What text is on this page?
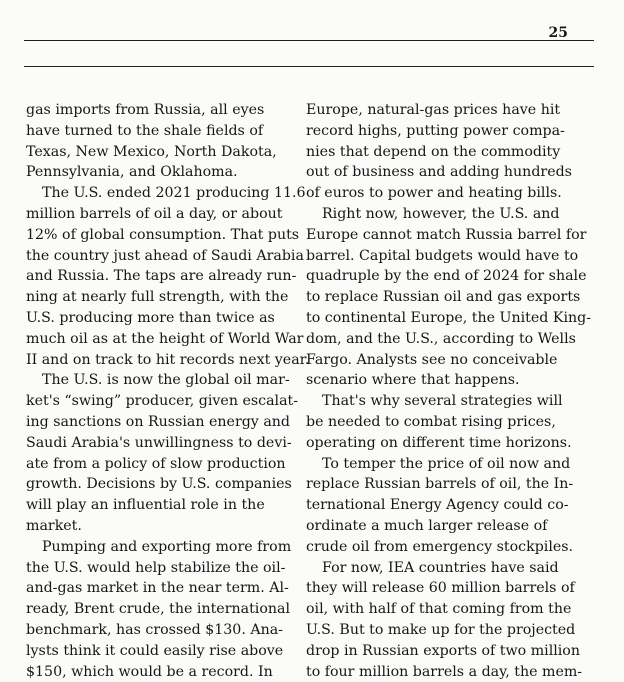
25
gas imports from Russia, all eyes
have turned to the shale fields of
Texas, New Mexico, North Dakota,
Pennsylvania, and Oklahoma.
The U.S. ended 2021 producing 11.6
million barrels of oil a day, or about
12% of global consumption. That puts
the country just ahead of Saudi Arabia
and Russia. The taps are already run-
ning at nearly full strength, with the
U.S. producing more than twice as
much oil as at the height of World War
II and on track to hit records next year.
The U.S. is now the global oil mar-
ket's “swing” producer, given escalat-
ing sanctions on Russian energy and
Saudi Arabia's unwillingness to devi-
ate from a policy of slow production
growth. Decisions by U.S. companies
will play an influential role in the
market.
Pumping and exporting more from
the U.S. would help stabilize the oil-
and-gas market in the near term. Al-
ready, Brent crude, the international
benchmark, has crossed $130. Ana-
lysts think it could easily rise above
$150, which would be a record. In
Europe, natural-gas prices have hit
record highs, putting power compa-
nies that depend on the commodity
out of business and adding hundreds
of euros to power and heating bills.
Right now, however, the U.S. and
Europe cannot match Russia barrel for
barrel. Capital budgets would have to
quadruple by the end of 2024 for shale
to replace Russian oil and gas exports
to continental Europe, the United King-
dom, and the U.S., according to Wells
Fargo. Analysts see no conceivable
scenario where that happens.
That's why several strategies will
be needed to combat rising prices,
operating on different time horizons.
To temper the price of oil now and
replace Russian barrels of oil, the In-
ternational Energy Agency could co-
ordinate a much larger release of
crude oil from emergency stockpiles.
For now, IEA countries have said
they will release 60 million barrels of
oil, with half of that coming from the
U.S. But to make up for the projected
drop in Russian exports of two million
to four million barrels a day, the mem-
